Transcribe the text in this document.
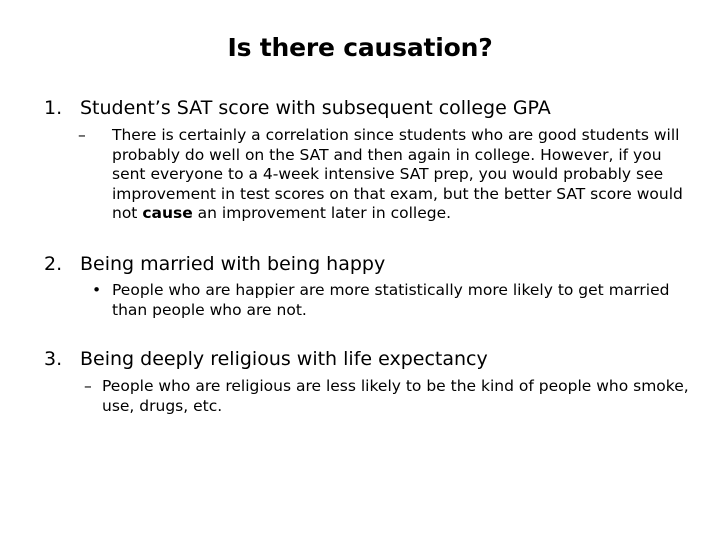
Is there causation?
1. Student’s SAT score with subsequent college GPA
– There is certainly a correlation since students who are good students will probably do well on the SAT and then again in college. However, if you sent everyone to a 4-week intensive SAT prep, you would probably see improvement in test scores on that exam, but the better SAT score would not cause an improvement later in college.
2. Being married with being happy
• People who are happier are more statistically more likely to get married than people who are not.
3. Being deeply religious with life expectancy
– People who are religious are less likely to be the kind of people who smoke, use, drugs, etc.
